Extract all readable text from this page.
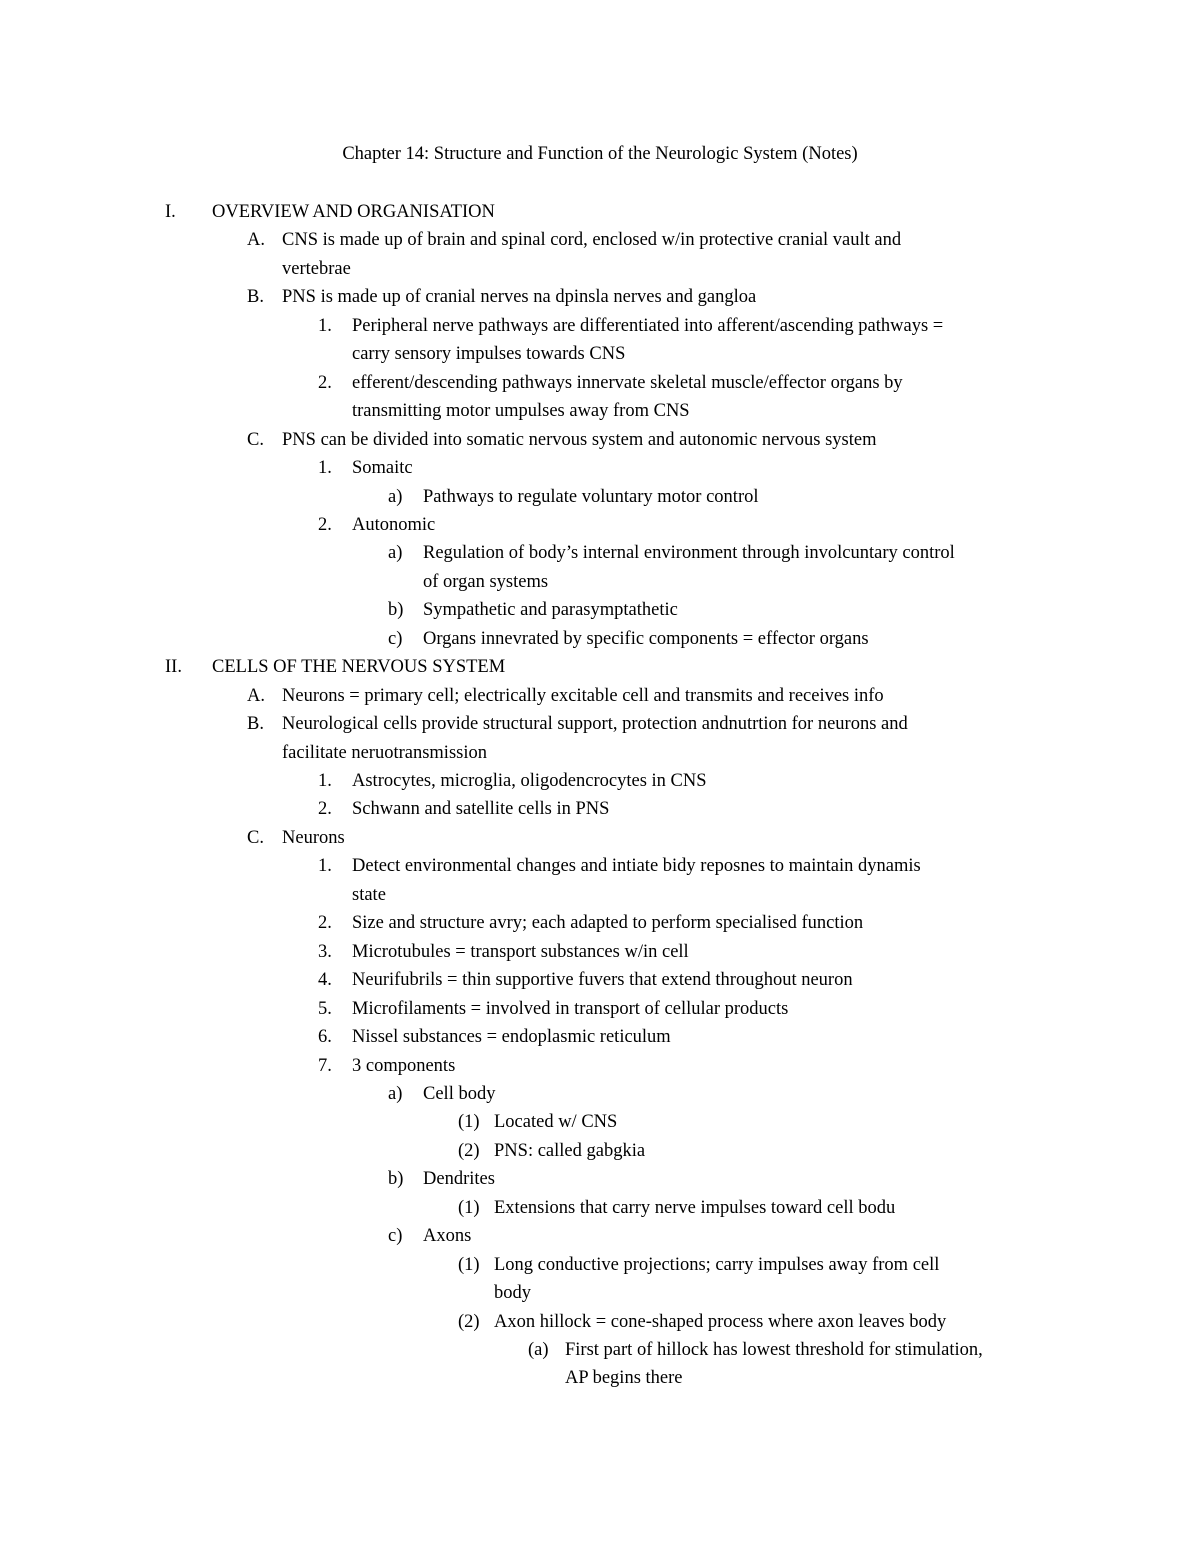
Chapter 14: Structure and Function of the Neurologic System (Notes)
I. OVERVIEW AND ORGANISATION
A. CNS is made up of brain and spinal cord, enclosed w/in protective cranial vault and
vertebrae
B. PNS is made up of cranial nerves na dpinsla nerves and gangloa
1. Peripheral nerve pathways are differentiated into afferent/ascending pathways =
carry sensory impulses towards CNS
2. efferent/descending pathways innervate skeletal muscle/effector organs by
transmitting motor umpulses away from CNS
C. PNS can be divided into somatic nervous system and autonomic nervous system
1. Somaitc
a) Pathways to regulate voluntary motor control
2. Autonomic
a) Regulation of body’s internal environment through involcuntary control
of organ systems
b) Sympathetic and parasymptathetic
c) Organs innevrated by specific components = effector organs
II. CELLS OF THE NERVOUS SYSTEM
A. Neurons = primary cell; electrically excitable cell and transmits and receives info
B. Neurological cells provide structural support, protection andnutrtion for neurons and
facilitate neruotransmission
1. Astrocytes, microglia, oligodencrocytes in CNS
2. Schwann and satellite cells in PNS
C. Neurons
1. Detect environmental changes and intiate bidy reposnes to maintain dynamis
state
2. Size and structure avry; each adapted to perform specialised function
3. Microtubules = transport substances w/in cell
4. Neurifubrils = thin supportive fuvers that extend throughout neuron
5. Microfilaments = involved in transport of cellular products
6. Nissel substances = endoplasmic reticulum
7. 3 components
a) Cell body
(1) Located w/ CNS
(2) PNS: called gabgkia
b) Dendrites
(1) Extensions that carry nerve impulses toward cell bodu
c) Axons
(1) Long conductive projections; carry impulses away from cell
body
(2) Axon hillock = cone-shaped process where axon leaves body
(a) First part of hillock has lowest threshold for stimulation,
AP begins there
